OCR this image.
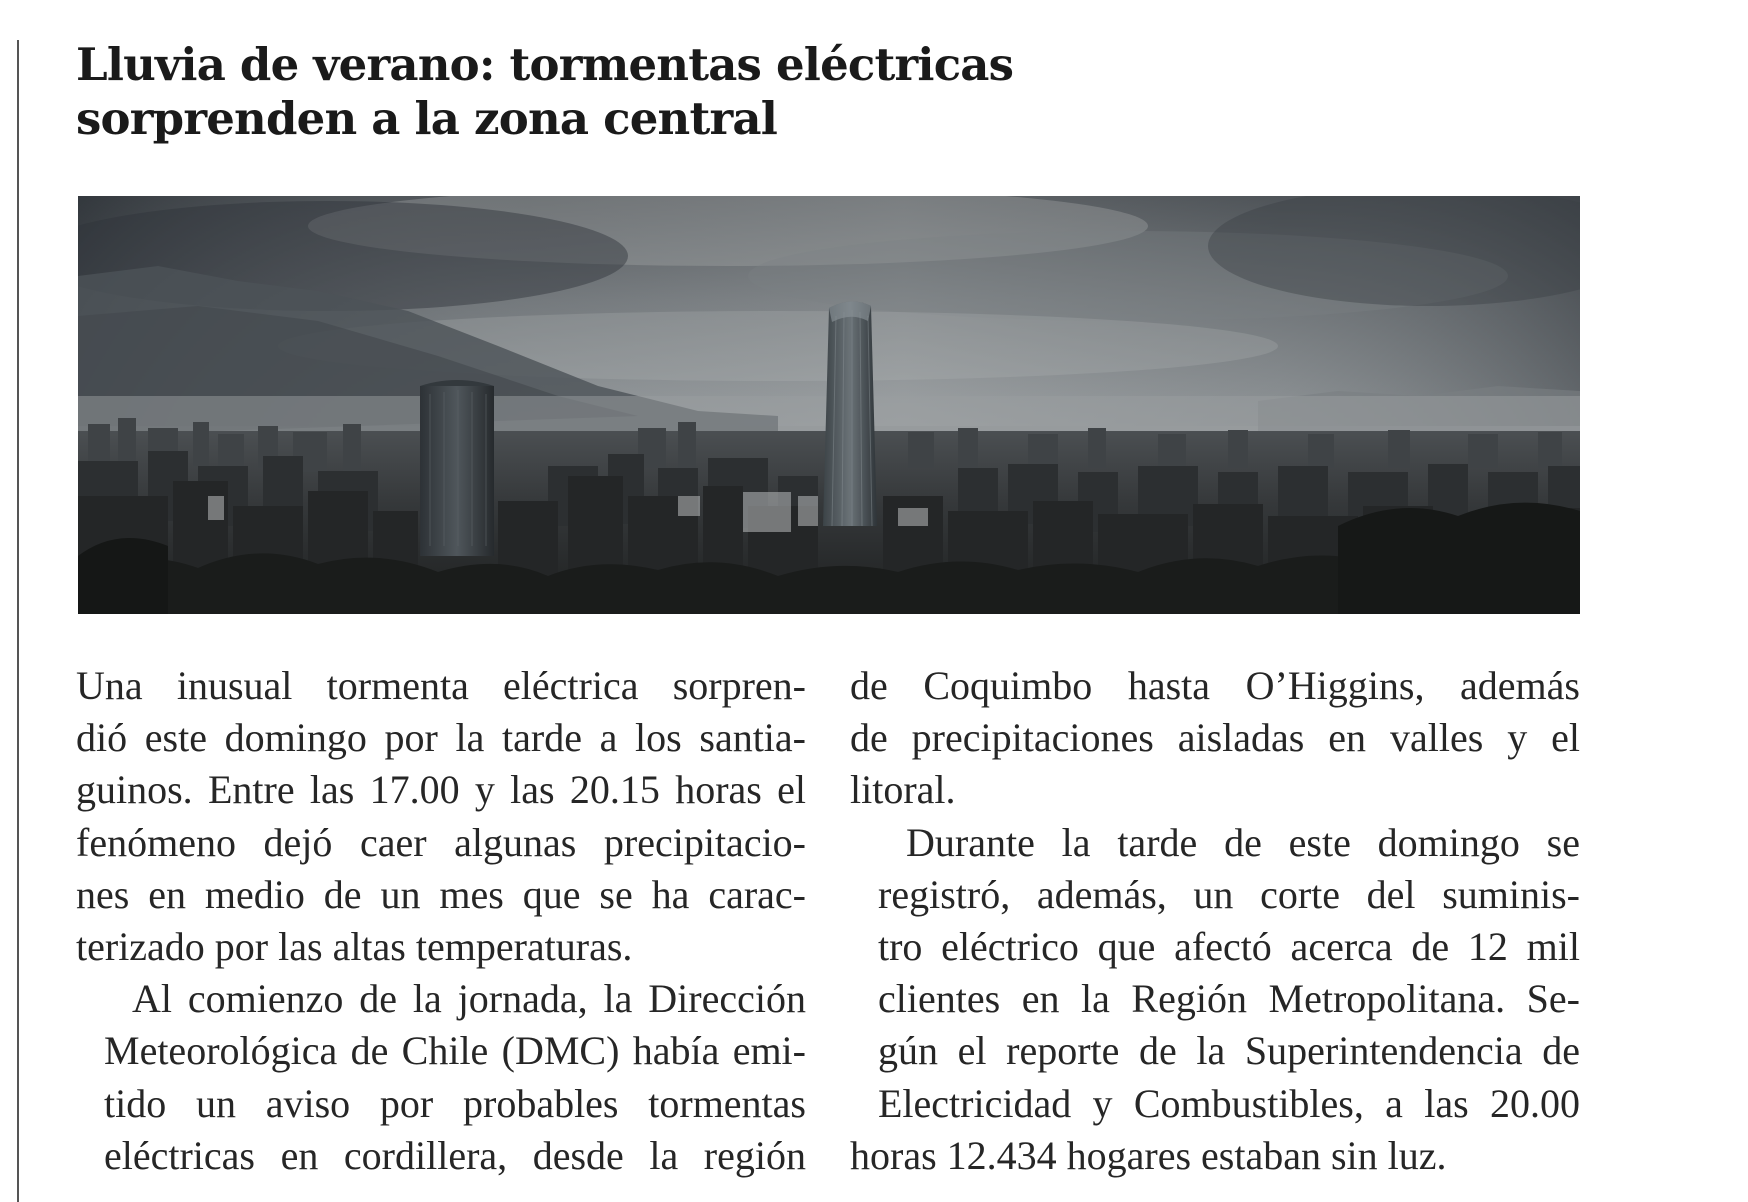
Lluvia de verano: tormentas eléctricas
sorprenden a la zona central

Una inusual tormenta eléctrica sorpren-
dió este domingo por la tarde a los santia-
guinos. Entre las 17.00 y las 20.15 horas el
fenómeno dejó caer algunas precipitacio-
nes en medio de un mes que se ha carac-

terizado por las altas temperaturas.

Al comienzo de la jornada, la Dirección
Meteorológica de Chile (DMC) había emi-
tido un aviso por probables tormentas
eléctricas en cordillera, desde la región

de Coquimbo hasta O’Higgins, además
de precipitaciones aisladas en valles y el

litoral.

Durante la tarde de este domingo se
registró, además, un corte del suminis-
tro eléctrico que afectó acerca de 12 mil
clientes en la Región Metropolitana. Se-
gún el reporte de la Superintendencia de
Electricidad y Combustibles, a las 20.00

horas 12.434 hogares estaban sin luz.
